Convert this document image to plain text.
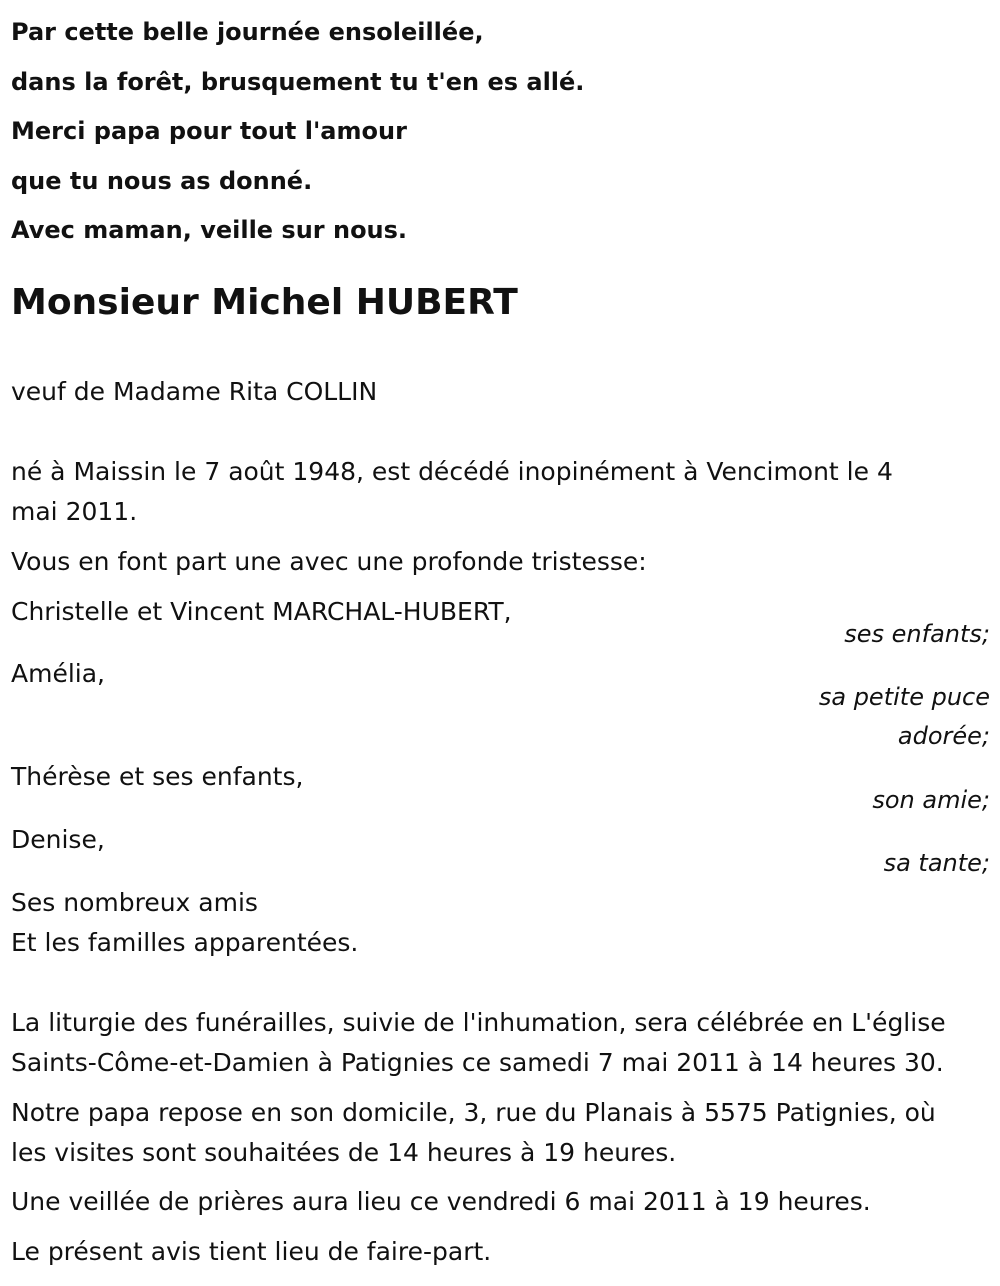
Par cette belle journée ensoleillée,
dans la forêt, brusquement tu t'en es allé.
Merci papa pour tout l'amour
que tu nous as donné.
Avec maman, veille sur nous.
Monsieur Michel HUBERT
veuf de Madame Rita COLLIN
né à Maissin le 7 août 1948, est décédé inopinément à Vencimont le 4
mai 2011.
Vous en font part une avec une profonde tristesse:
Christelle et Vincent MARCHAL-HUBERT,
ses enfants;
Amélia,
sa petite puce
adorée;
Thérèse et ses enfants,
son amie;
Denise,
sa tante;
Ses nombreux amis
Et les familles apparentées.
La liturgie des funérailles, suivie de l'inhumation, sera célébrée en L'église
Saints-Côme-et-Damien à Patignies ce samedi 7 mai 2011 à 14 heures 30.
Notre papa repose en son domicile, 3, rue du Planais à 5575 Patignies, où
les visites sont souhaitées de 14 heures à 19 heures.
Une veillée de prières aura lieu ce vendredi 6 mai 2011 à 19 heures.
Le présent avis tient lieu de faire-part.
